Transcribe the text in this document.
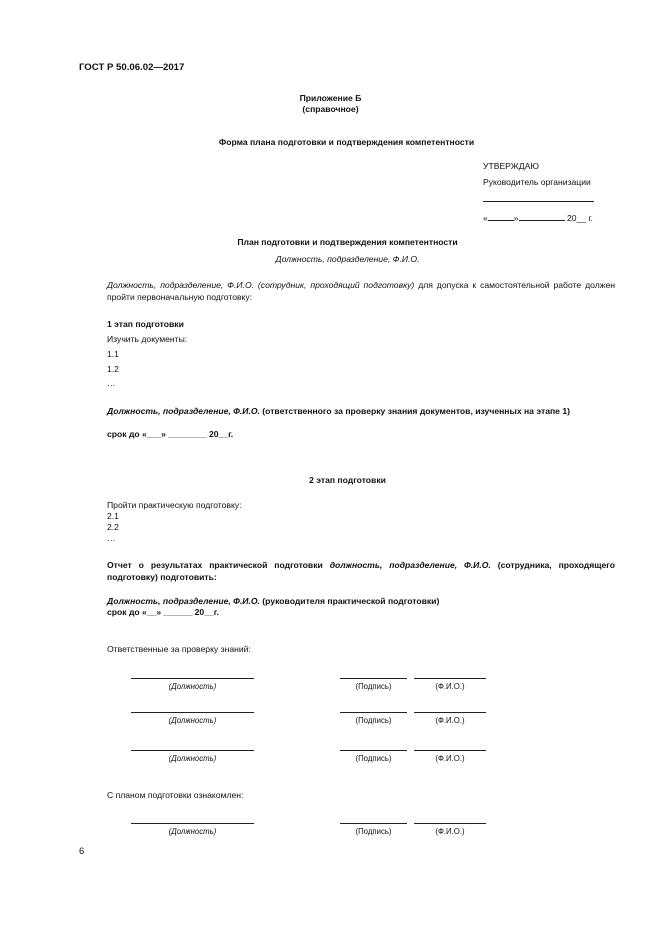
ГОСТ Р 50.06.02—2017
Приложение Б
(справочное)
Форма плана подготовки и подтверждения компетентности
УТВЕРЖДАЮ
Руководитель организации
«	»	20__ г.
План подготовки и подтверждения компетентности
Должность, подразделение, Ф.И.О.
Должность, подразделение, Ф.И.О. (сотрудник, проходящий подготовку) для допуска к самостоятельной работе должен пройти первоначальную подготовку:
1 этап подготовки
Изучить документы:
1.1
1.2
…
Должность, подразделение, Ф.И.О. (ответственного за проверку знания документов, изученных на этапе 1)
срок до «___» ________ 20__г.
2 этап подготовки
Пройти практическую подготовку:
2.1
2.2
…
Отчет о результатах практической подготовки должность, подразделение, Ф.И.О. (сотрудника, проходящего подготовку) подготовить:
Должность, подразделение, Ф.И.О. (руководителя практической подготовки)
срок до «__» ______ 20__г.
Ответственные за проверку знаний:
(Должность)	(Подпись)	(Ф.И.О.)
(Должность)	(Подпись)	(Ф.И.О.)
(Должность)	(Подпись)	(Ф.И.О.)
С планом подготовки ознакомлен:
(Должность)	(Подпись)	(Ф.И.О.)
6
